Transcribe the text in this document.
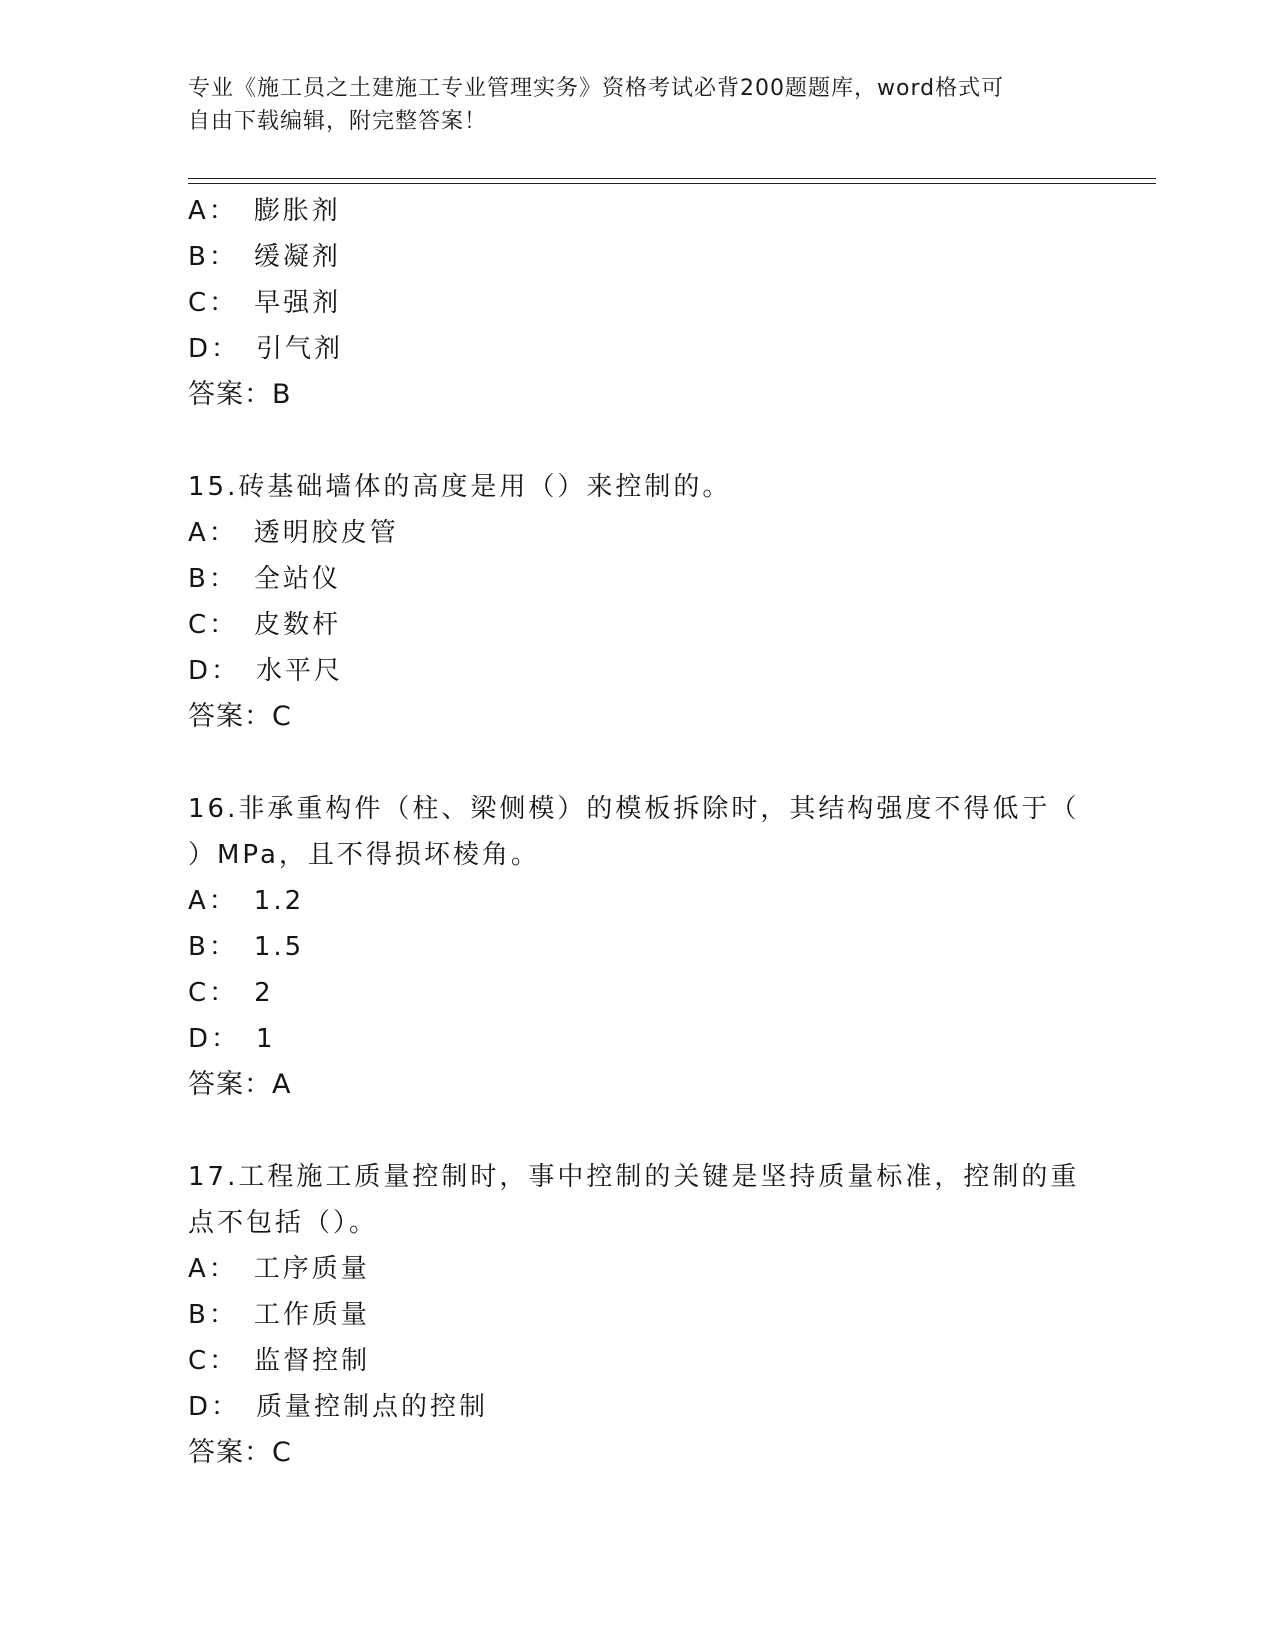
专业《施工员之土建施工专业管理实务》资格考试必背200题题库，word格式可
自由下载编辑，附完整答案！
A： 膨胀剂
B： 缓凝剂
C： 早强剂
D： 引气剂
答案：B
15.砖基础墙体的高度是用（）来控制的。
A： 透明胶皮管
B： 全站仪
C： 皮数杆
D： 水平尺
答案：C
16.非承重构件（柱、梁侧模）的模板拆除时，其结构强度不得低于（
）MPa，且不得损坏棱角。
A： 1.2
B： 1.5
C： 2
D： 1
答案：A
17.工程施工质量控制时，事中控制的关键是坚持质量标准，控制的重
点不包括（）。
A： 工序质量
B： 工作质量
C： 监督控制
D： 质量控制点的控制
答案：C
